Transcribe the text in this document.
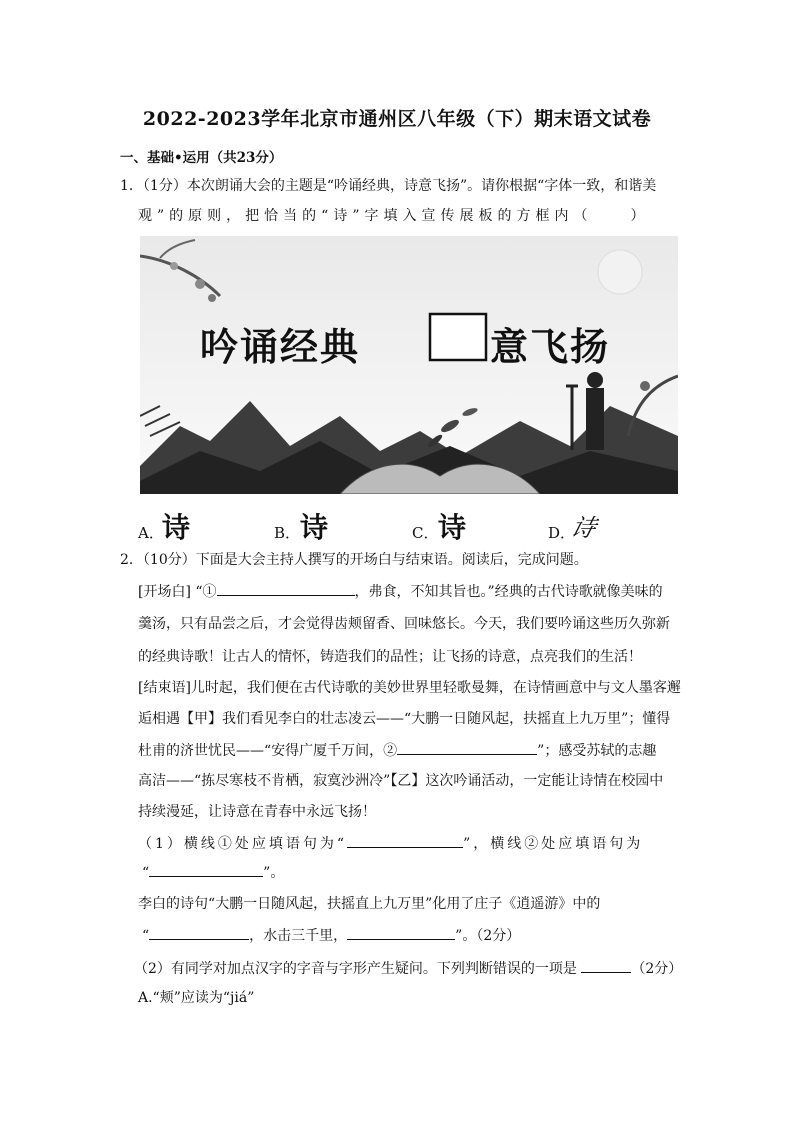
2022-2023学年北京市通州区八年级（下）期末语文试卷
一、基础•运用（共23分）
1．（1分）本次朗诵大会的主题是“吟诵经典，诗意飞扬”。请你根据“字体一致，和谐美
观”的原则，把恰当的“诗”字填入宣传展板的方框内（　　）
吟诵经典	意飞扬
A．
诗	B． 诗	C． 诗	D．
诗
2．（10分）下面是大会主持人撰写的开场白与结束语。阅读后，完成问题。
[开场白] “①	，弗食，不知其旨也。”经典的古代诗歌就像美味的
羹汤，只有品尝之后，才会觉得齿颊留香、回味悠长。今天，我们要吟诵这些历久弥新
的经典诗歌！让古人的情怀，铸造我们的品性；让飞扬的诗意，点亮我们的生活！
[结束语]儿时起，我们便在古代诗歌的美妙世界里轻歌曼舞，在诗情画意中与文人墨客邂
逅相遇【甲】我们看见李白的壮志凌云——“大鹏一日随风起，扶摇直上九万里”；懂得
杜甫的济世忧民——“安得广厦千万间，②	”；感受苏轼的志趣
高洁——“拣尽寒枝不肯栖，寂寞沙洲冷”【乙】这次吟诵活动，一定能让诗情在校园中
持续漫延，让诗意在青春中永远飞扬！
（1）横线①处应填语句为“	”，横线②处应填语句为
“	”。
李白的诗句“大鹏一日随风起，扶摇直上九万里”化用了庄子《逍遥游》中的
“	，水击三千里，	”。（2分）
（2）有同学对加点汉字的字音与字形产生疑问。下列判断错误的一项是	（2分）
A.“颊”应读为“jiá”
